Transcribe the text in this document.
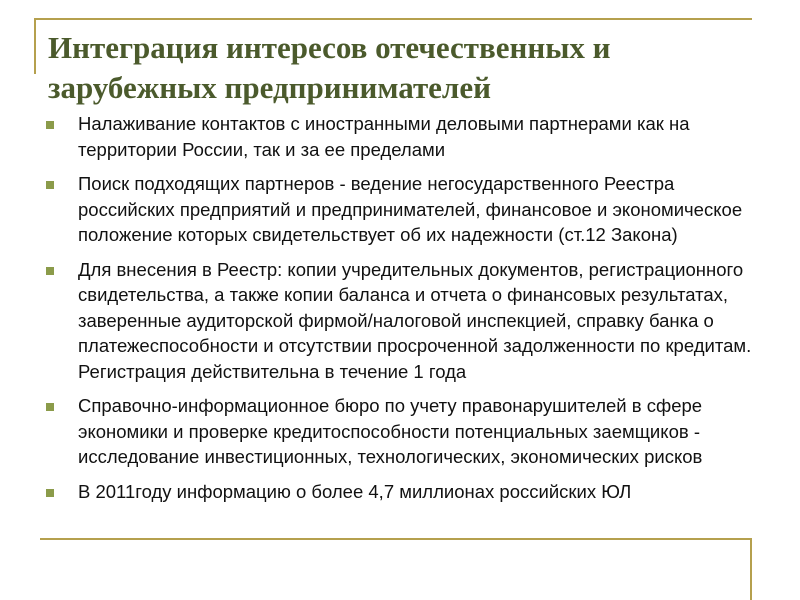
Интеграция интересов отечественных и зарубежных предпринимателей
Налаживание контактов с иностранными деловыми партнерами как на территории России, так и за ее пределами
Поиск подходящих партнеров - ведение негосударственного Реестра российских предприятий и предпринимателей, финансовое и экономическое положение которых свидетельствует об их надежности (ст.12 Закона)
Для внесения в Реестр: копии учредительных документов, регистрационного свидетельства, а также копии баланса и отчета о финансовых результатах, заверенные аудиторской фирмой/налоговой инспекцией, справку банка о платежеспособности и отсутствии просроченной задолженности по кредитам. Регистрация действительна в течение 1 года
Справочно-информационное бюро по учету правонарушителей в сфере экономики и проверке кредитоспособности потенциальных заемщиков - исследование инвестиционных, технологических, экономических рисков
В 2011году информацию о более 4,7 миллионах российских ЮЛ
